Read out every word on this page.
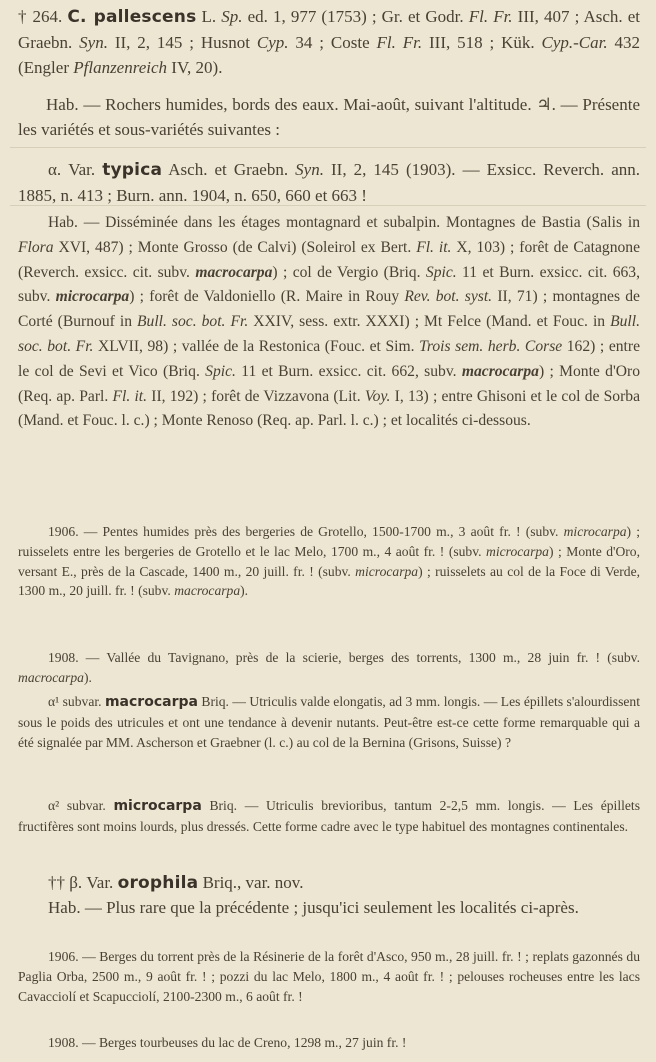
† 264. C. pallescens L. Sp. ed. 1, 977 (1753) ; Gr. et Godr. Fl. Fr. III, 407 ; Asch. et Graebn. Syn. II, 2, 145 ; Husnot Cyp. 34 ; Coste Fl. Fr. III, 518 ; Kük. Cyp.-Car. 432 (Engler Pflanzenreich IV, 20).

Hab. — Rochers humides, bords des eaux. Mai-août, suivant l'altitude. ♃. — Présente les variétés et sous-variétés suivantes :

α. Var. typica Asch. et Graebn. Syn. II, 2, 145 (1903). — Exsicc. Reverch. ann. 1885, n. 413 ; Burn. ann. 1904, n. 650, 660 et 663 !

Hab. — Disséminée dans les étages montagnard et subalpin. Montagnes de Bastia (Salis in Flora XVI, 487) ; Monte Grosso (de Calvi) (Soleirol ex Bert. Fl. it. X, 103) ; forêt de Catagnone (Reverch. exsicc. cit. subv. macrocarpa) ; col de Vergio (Briq. Spic. 11 et Burn. exsicc. cit. 663, subv. microcarpa) ; forêt de Valdoniello (R. Maire in Rouy Rev. bot. syst. II, 71) ; montagnes de Corté (Burnouf in Bull. soc. bot. Fr. XXIV, sess. extr. XXXI) ; Mt Felce (Mand. et Fouc. in Bull. soc. bot. Fr. XLVII, 98) ; vallée de la Restonica (Fouc. et Sim. Trois sem. herb. Corse 162) ; entre le col de Sevi et Vico (Briq. Spic. 11 et Burn. exsicc. cit. 662, subv. macrocarpa) ; Monte d'Oro (Req. ap. Parl. Fl. it. II, 192) ; forêt de Vizzavona (Lit. Voy. I, 13) ; entre Ghisoni et le col de Sorba (Mand. et Fouc. l. c.) ; Monte Renoso (Req. ap. Parl. l. c.) ; et localités ci-dessous.

1906. — Pentes humides près des bergeries de Grotello, 1500-1700 m., 3 août fr. ! (subv. microcarpa) ; ruisselets entre les bergeries de Grotello et le lac Melo, 1700 m., 4 août fr. ! (subv. microcarpa) ; Monte d'Oro, versant E., près de la Cascade, 1400 m., 20 juill. fr. ! (subv. microcarpa) ; ruisselets au col de la Foce di Verde, 1300 m., 20 juill. fr. ! (subv. macrocarpa).

1908. — Vallée du Tavignano, près de la scierie, berges des torrents, 1300 m., 28 juin fr. ! (subv. macrocarpa).

α¹ subvar. macrocarpa Briq. — Utriculis valde elongatis, ad 3 mm. longis. — Les épillets s'alourdissent sous le poids des utricules et ont une tendance à devenir nutants. Peut-être est-ce cette forme remarquable qui a été signalée par MM. Ascherson et Graebner (l. c.) au col de la Bernina (Grisons, Suisse) ?

α² subvar. microcarpa Briq. — Utriculis brevioribus, tantum 2-2,5 mm. longis. — Les épillets fructifères sont moins lourds, plus dressés. Cette forme cadre avec le type habituel des montagnes continentales.

†† β. Var. orophila Briq., var. nov.

Hab. — Plus rare que la précédente ; jusqu'ici seulement les localités ci-après.

1906. — Berges du torrent près de la Résinerie de la forêt d'Asco, 950 m., 28 juill. fr. ! ; replats gazonnés du Paglia Orba, 2500 m., 9 août fr. ! ; pozzi du lac Melo, 1800 m., 4 août fr. ! ; pelouses rocheuses entre les lacs Cavacciolí et Scapucciolí, 2100-2300 m., 6 août fr. !

1908. — Berges tourbeuses du lac de Creno, 1298 m., 27 juin fr. !
